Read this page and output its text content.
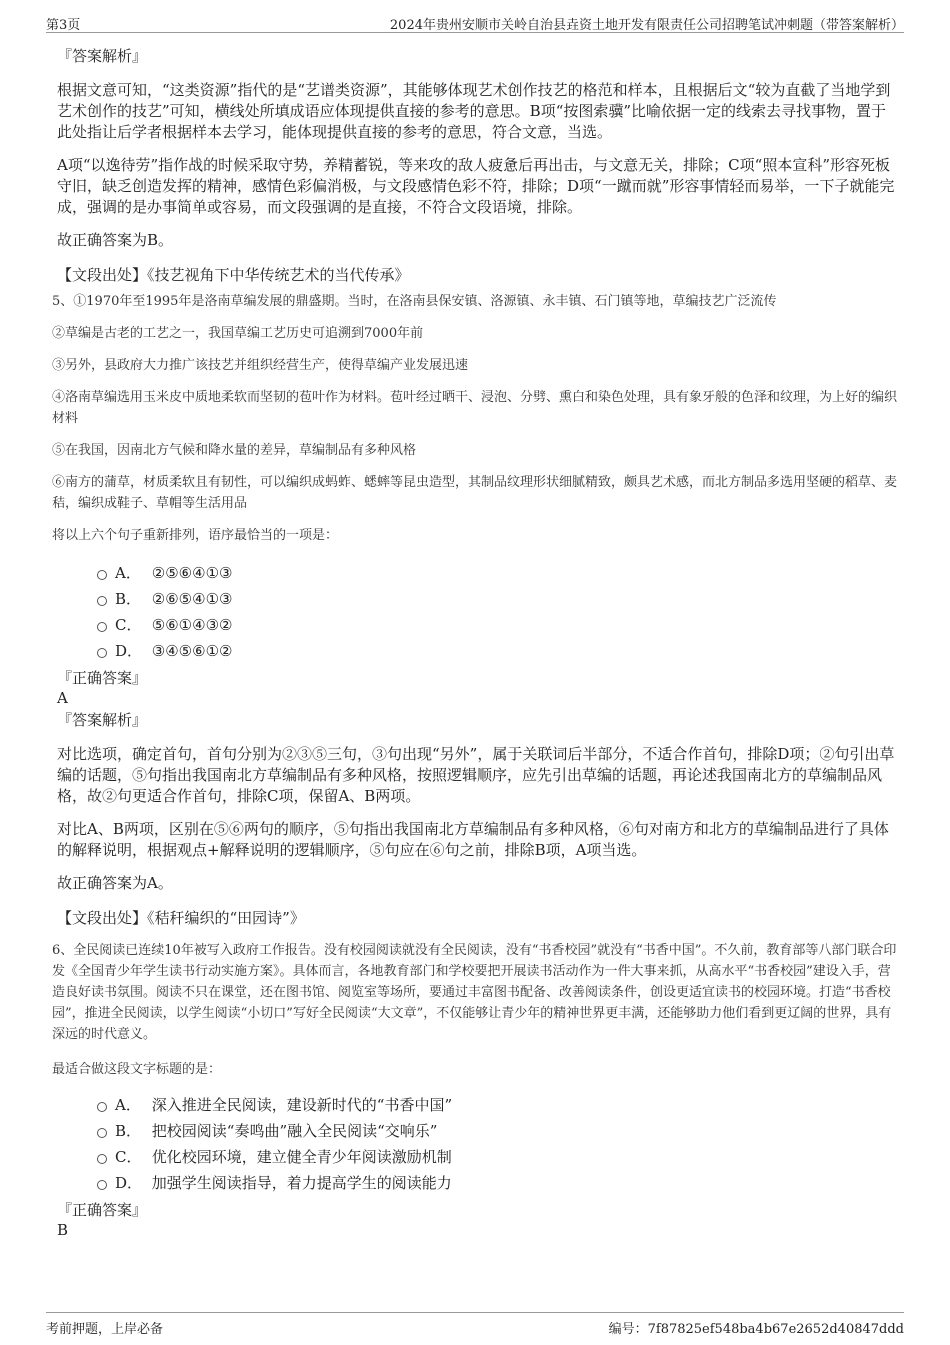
第3页	2024年贵州安顺市关岭自治县垚资土地开发有限责任公司招聘笔试冲刺题（带答案解析）

『答案解析』

根据文意可知，“这类资源”指代的是“艺谱类资源”，其能够体现艺术创作技艺的格范和样本，且根据后文“较为直截了当地学到艺术创作的技艺”可知，横线处所填成语应体现提供直接的参考的意思。B项“按图索骥”比喻依据一定的线索去寻找事物，置于此处指让后学者根据样本去学习，能体现提供直接的参考的意思，符合文意，当选。

A项“以逸待劳”指作战的时候采取守势，养精蓄锐，等来攻的敌人疲惫后再出击，与文意无关，排除；C项“照本宣科”形容死板守旧，缺乏创造发挥的精神，感情色彩偏消极，与文段感情色彩不符，排除；D项“一蹴而就”形容事情轻而易举，一下子就能完成，强调的是办事简单或容易，而文段强调的是直接，不符合文段语境，排除。

故正确答案为B。

【文段出处】《技艺视角下中华传统艺术的当代传承》

5、①1970年至1995年是洛南草编发展的鼎盛期。当时，在洛南县保安镇、洛源镇、永丰镇、石门镇等地，草编技艺广泛流传

②草编是古老的工艺之一，我国草编工艺历史可追溯到7000年前

③另外，县政府大力推广该技艺并组织经营生产，使得草编产业发展迅速

④洛南草编选用玉米皮中质地柔软而坚韧的苞叶作为材料。苞叶经过晒干、浸泡、分劈、熏白和染色处理，具有象牙般的色泽和纹理，为上好的编织材料

⑤在我国，因南北方气候和降水量的差异，草编制品有多种风格

⑥南方的蒲草，材质柔软且有韧性，可以编织成蚂蚱、蟋蟀等昆虫造型，其制品纹理形状细腻精致，颇具艺术感，而北方制品多选用坚硬的稻草、麦秸，编织成鞋子、草帽等生活用品

将以上六个句子重新排列，语序最恰当的一项是：

A． ②⑤⑥④①③
B． ②⑥⑤④①③
C． ⑤⑥①④③②
D． ③④⑤⑥①②

『正确答案』

A

『答案解析』

对比选项，确定首句，首句分别为②③⑤三句，③句出现“另外”，属于关联词后半部分，不适合作首句，排除D项；②句引出草编的话题，⑤句指出我国南北方草编制品有多种风格，按照逻辑顺序，应先引出草编的话题，再论述我国南北方的草编制品风格，故②句更适合作首句，排除C项，保留A、B两项。

对比A、B两项，区别在⑤⑥两句的顺序，⑤句指出我国南北方草编制品有多种风格，⑥句对南方和北方的草编制品进行了具体的解释说明，根据观点+解释说明的逻辑顺序，⑤句应在⑥句之前，排除B项，A项当选。

故正确答案为A。

【文段出处】《秸秆编织的“田园诗”》

6、全民阅读已连续10年被写入政府工作报告。没有校园阅读就没有全民阅读，没有“书香校园”就没有“书香中国”。不久前，教育部等八部门联合印发《全国青少年学生读书行动实施方案》。具体而言，各地教育部门和学校要把开展读书活动作为一件大事来抓，从高水平“书香校园”建设入手，营造良好读书氛围。阅读不只在课堂，还在图书馆、阅览室等场所，要通过丰富图书配备、改善阅读条件，创设更适宜读书的校园环境。打造“书香校园”，推进全民阅读，以学生阅读“小切口”写好全民阅读“大文章”，不仅能够让青少年的精神世界更丰满，还能够助力他们看到更辽阔的世界，具有深远的时代意义。

最适合做这段文字标题的是：

A． 深入推进全民阅读，建设新时代的“书香中国”
B． 把校园阅读“奏鸣曲”融入全民阅读“交响乐”
C． 优化校园环境，建立健全青少年阅读激励机制
D． 加强学生阅读指导，着力提高学生的阅读能力

『正确答案』

B

考前押题，上岸必备	编号：7f87825ef548ba4b67e2652d40847ddd
